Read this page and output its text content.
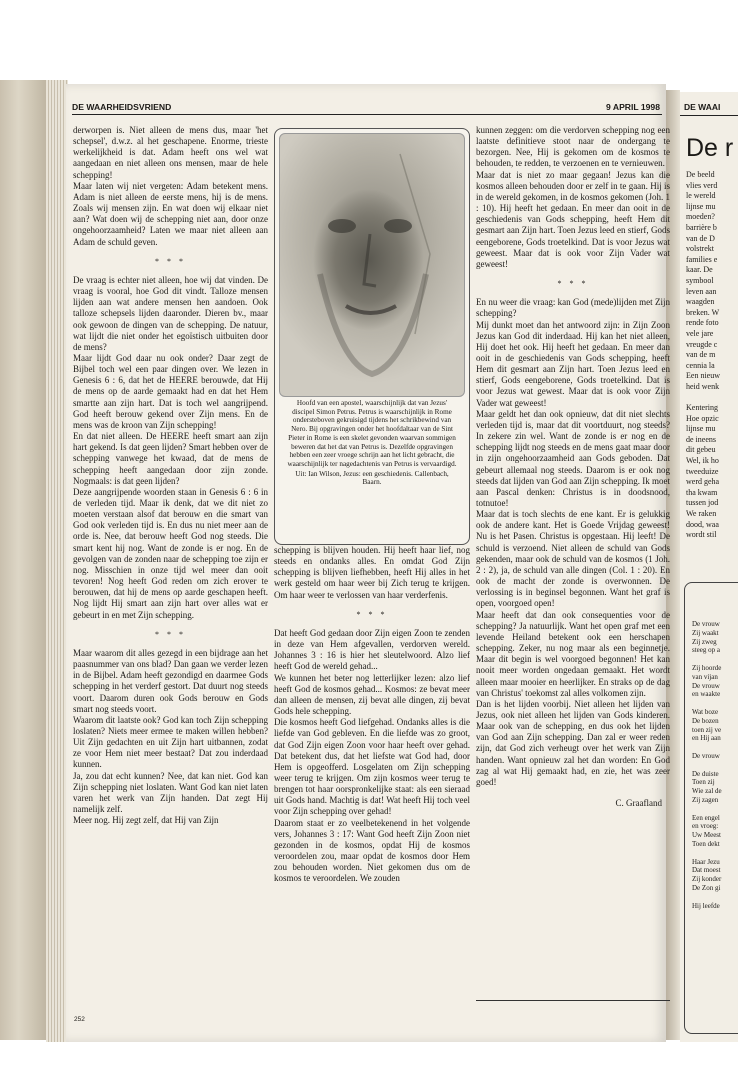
DE WAARHEIDSVRIEND	9 APRIL 1998

derworpen is. Niet alleen de mens dus, maar 'het schepsel', d.w.z. al het geschapene. Enorme, trieste werkelijkheid is dat. Adam heeft ons wel wat aangedaan en niet alleen ons mensen, maar de hele schepping!

Maar laten wij niet vergeten: Adam betekent mens. Adam is niet alleen de eerste mens, hij is de mens. Zoals wij mensen zijn. En wat doen wij elkaar niet aan? Wat doen wij de schepping niet aan, door onze ongehoorzaamheid? Laten we maar niet alleen aan Adam de schuld geven.

* * *

De vraag is echter niet alleen, hoe wij dat vinden. De vraag is vooral, hoe God dit vindt. Talloze mensen lijden aan wat andere mensen hen aandoen. Ook talloze schepsels lijden daaronder. Dieren bv., maar ook gewoon de dingen van de schepping. De natuur, wat lijdt die niet onder het egoïstisch uitbuiten door de mens?

Maar lijdt God daar nu ook onder? Daar zegt de Bijbel toch wel een paar dingen over. We lezen in Genesis 6 : 6, dat het de HEERE berouwde, dat Hij de mens op de aarde gemaakt had en dat het Hem smartte aan zijn hart. Dat is toch wel aangrijpend. God heeft berouw gekend over Zijn mens. En de mens was de kroon van Zijn schepping!

En dat niet alleen. De HEERE heeft smart aan zijn hart gekend. Is dat geen lijden? Smart hebben over de schepping vanwege het kwaad, dat de mens de schepping heeft aangedaan door zijn zonde. Nogmaals: is dat geen lijden?

Deze aangrijpende woorden staan in Genesis 6 : 6 in de verleden tijd. Maar ik denk, dat we dit niet zo moeten verstaan alsof dat berouw en die smart van God ook verleden tijd is. En dus nu niet meer aan de orde is. Nee, dat berouw heeft God nog steeds. Die smart kent hij nog. Want de zonde is er nog. En de gevolgen van de zonden naar de schepping toe zijn er nog. Misschien in onze tijd wel meer dan ooit tevoren! Nog heeft God reden om zich erover te berouwen, dat hij de mens op aarde geschapen heeft. Nog lijdt Hij smart aan zijn hart over alles wat er gebeurt in en met Zijn schepping.

* * *

Maar waarom dit alles gezegd in een bijdrage aan het paasnummer van ons blad? Dan gaan we verder lezen in de Bijbel. Adam heeft gezondigd en daarmee Gods schepping in het verderf gestort. Dat duurt nog steeds voort. Daarom duren ook Gods berouw en Gods smart nog steeds voort.

Waarom dit laatste ook? God kan toch Zijn schepping loslaten? Niets meer ermee te maken willen hebben? Uit Zijn gedachten en uit Zijn hart uitbannen, zodat ze voor Hem niet meer bestaat? Dat zou inderdaad kunnen.

Ja, zou dat echt kunnen? Nee, dat kan niet. God kan Zijn schepping niet loslaten. Want God kan niet laten varen het werk van Zijn handen. Dat zegt Hij namelijk zelf.

Meer nog. Hij zegt zelf, dat Hij van Zijn

Hoofd van een apostel, waarschijnlijk dat van Jezus' discipel Simon Petrus. Petrus is waarschijnlijk in Rome ondersteboven gekruisigd tijdens het schrikbewind van Nero. Bij opgravingen onder het hoofdaltaar van de Sint Pieter in Rome is een skelet gevonden waarvan sommigen beweren dat het dat van Petrus is. Dezelfde opgravingen hebben een zeer vroege schrijn aan het licht gebracht, die waarschijnlijk ter nagedachtenis van Petrus is vervaardigd.
Uit: Ian Wilson, Jezus: een geschiedenis. Callenbach, Baarn.

schepping is blijven houden. Hij heeft haar lief, nog steeds en ondanks alles. En omdat God Zijn schepping is blijven liefhebben, heeft Hij alles in het werk gesteld om haar weer bij Zich terug te krijgen. Om haar weer te verlossen van haar verderfenis.

* * *

Dat heeft God gedaan door Zijn eigen Zoon te zenden in deze van Hem afgevallen, verdorven wereld. Johannes 3 : 16 is hier het sleutelwoord. Alzo lief heeft God de wereld gehad...

We kunnen het beter nog letterlijker lezen: alzo lief heeft God de kosmos gehad... Kosmos: ze bevat meer dan alleen de mensen, zij bevat alle dingen, zij bevat Gods hele schepping.

Die kosmos heeft God liefgehad. Ondanks alles is die liefde van God gebleven. En die liefde was zo groot, dat God Zijn eigen Zoon voor haar heeft over gehad. Dat betekent dus, dat het liefste wat God had, door Hem is opgeofferd. Losgelaten om Zijn schepping weer terug te krijgen. Om zijn kosmos weer terug te brengen tot haar oorspronkelijke staat: als een sieraad uit Gods hand. Machtig is dat! Wat heeft Hij toch veel voor Zijn schepping over gehad!

Daarom staat er zo veelbetekenend in het volgende vers, Johannes 3 : 17: Want God heeft Zijn Zoon niet gezonden in de kosmos, opdat Hij de kosmos veroordelen zou, maar opdat de kosmos door Hem zou behouden worden. Niet gekomen dus om de kosmos te veroordelen. We zouden

kunnen zeggen: om die verdorven schepping nog een laatste definitieve stoot naar de ondergang te bezorgen. Nee, Hij is gekomen om de kosmos te behouden, te redden, te verzoenen en te vernieuwen.

Maar dat is niet zo maar gegaan! Jezus kan die kosmos alleen behouden door er zelf in te gaan. Hij is in de wereld gekomen, in de kosmos gekomen (Joh. 1 : 10). Hij heeft het gedaan. En meer dan ooit in de geschiedenis van Gods schepping, heeft Hem dit gesmart aan Zijn hart. Toen Jezus leed en stierf, Gods eengeborene, Gods troetelkind. Dat is voor Jezus wat geweest. Maar dat is ook voor Zijn Vader wat geweest!

* * *

En nu weer die vraag: kan God (mede)lijden met Zijn schepping?

Mij dunkt moet dan het antwoord zijn: in Zijn Zoon Jezus kan God dit inderdaad. Hij kan het niet alleen, Hij doet het ook. Hij heeft het gedaan. En meer dan ooit in de geschiedenis van Gods schepping, heeft Hem dit gesmart aan Zijn hart. Toen Jezus leed en stierf, Gods eengeborene, Gods troetelkind. Dat is voor Jezus wat gewest. Maar dat is ook voor Zijn Vader wat geweest!

Maar geldt het dan ook opnieuw, dat dit niet slechts verleden tijd is, maar dat dit voortduurt, nog steeds? In zekere zin wel. Want de zonde is er nog en de schepping lijdt nog steeds en de mens gaat maar door in zijn ongehoorzaamheid aan Gods geboden. Dat gebeurt allemaal nog steeds. Daarom is er ook nog steeds dat lijden van God aan Zijn schepping. Ik moet aan Pascal denken: Christus is in doodsnood, totnutoe!

Maar dat is toch slechts de ene kant. Er is gelukkig ook de andere kant. Het is Goede Vrijdag geweest! Nu is het Pasen. Christus is opgestaan. Hij leeft! De schuld is verzoend. Niet alleen de schuld van Gods gekenden, maar ook de schuld van de kosmos (1 Joh. 2 : 2), ja, de schuld van alle dingen (Col. 1 : 20). En ook de macht der zonde is overwonnen. De verlossing is in beginsel begonnen. Want het graf is open, voorgoed open!

Maar heeft dat dan ook consequenties voor de schepping? Ja natuurlijk. Want het open graf met een levende Heiland betekent ook een herschapen schepping. Zeker, nu nog maar als een beginnetje. Maar dit begin is wel voorgoed begonnen! Het kan nooit meer worden ongedaan gemaakt. Het wordt alleen maar mooier en heerlijker. En straks op de dag van Christus' toekomst zal alles volkomen zijn.

Dan is het lijden voorbij. Niet alleen het lijden van Jezus, ook niet alleen het lijden van Gods kinderen. Maar ook van de schepping, en dus ook het lijden van God aan Zijn schepping. Dan zal er weer reden zijn, dat God zich verheugt over het werk van Zijn handen. Want opnieuw zal het dan worden: En God zag al wat Hij gemaakt had, en zie, het was zeer goed!

C. Graafland

252
DE WAAI
De r
De beeld
vlies verd
le wereld
lijnse mu
moeden?
barrière b
van de D
volstrekt
families e
kaar. De
symbool
leven aan
waagden
breken. W
rende foto
vele jare
vreugde c
van de m
cennia la
Een nieuw
heid wenk

Kentering
Hoe opzic
lijnse mu
de ineens
dit gebeu
Wel, ik ho
tweeduize
werd geha
tha kwam
tussen jod
We raken
dood, waa
wordt stil
De vrouw
Zij waakt
Zij zweg
steeg op a

Zij hoorde
van vijan
De vrouw
en waakte

Wat boze
De bozen
toen zij ve
en Hij aan

De vrouw

De duiste
Toen zij
Wie zal de
Zij zagen

Een engel
en vroeg:
Uw Meest
Toen dekt

Haar Jezu
Dat moest
Zij konder
De Zon gi

Hij leefde
